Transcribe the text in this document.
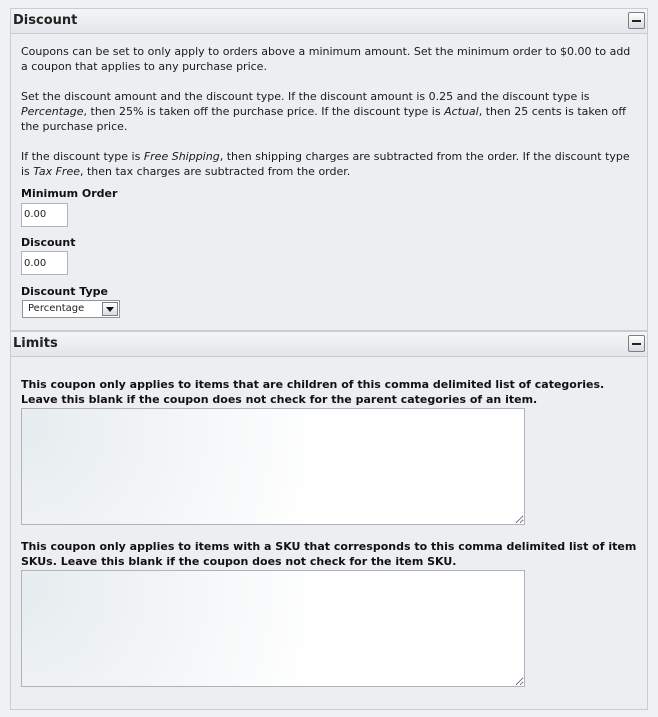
Discount

Coupons can be set to only apply to orders above a minimum amount. Set the minimum order to $0.00 to add a coupon that applies to any purchase price.

Set the discount amount and the discount type. If the discount amount is 0.25 and the discount type is Percentage, then 25% is taken off the purchase price. If the discount type is Actual, then 25 cents is taken off the purchase price.

If the discount type is Free Shipping, then shipping charges are subtracted from the order. If the discount type is Tax Free, then tax charges are subtracted from the order.

Minimum Order
0.00
Discount
0.00
Discount Type
Percentage
Limits
This coupon only applies to items that are children of this comma delimited list of categories. Leave this blank if the coupon does not check for the parent categories of an item.
This coupon only applies to items with a SKU that corresponds to this comma delimited list of item SKUs. Leave this blank if the coupon does not check for the item SKU.
